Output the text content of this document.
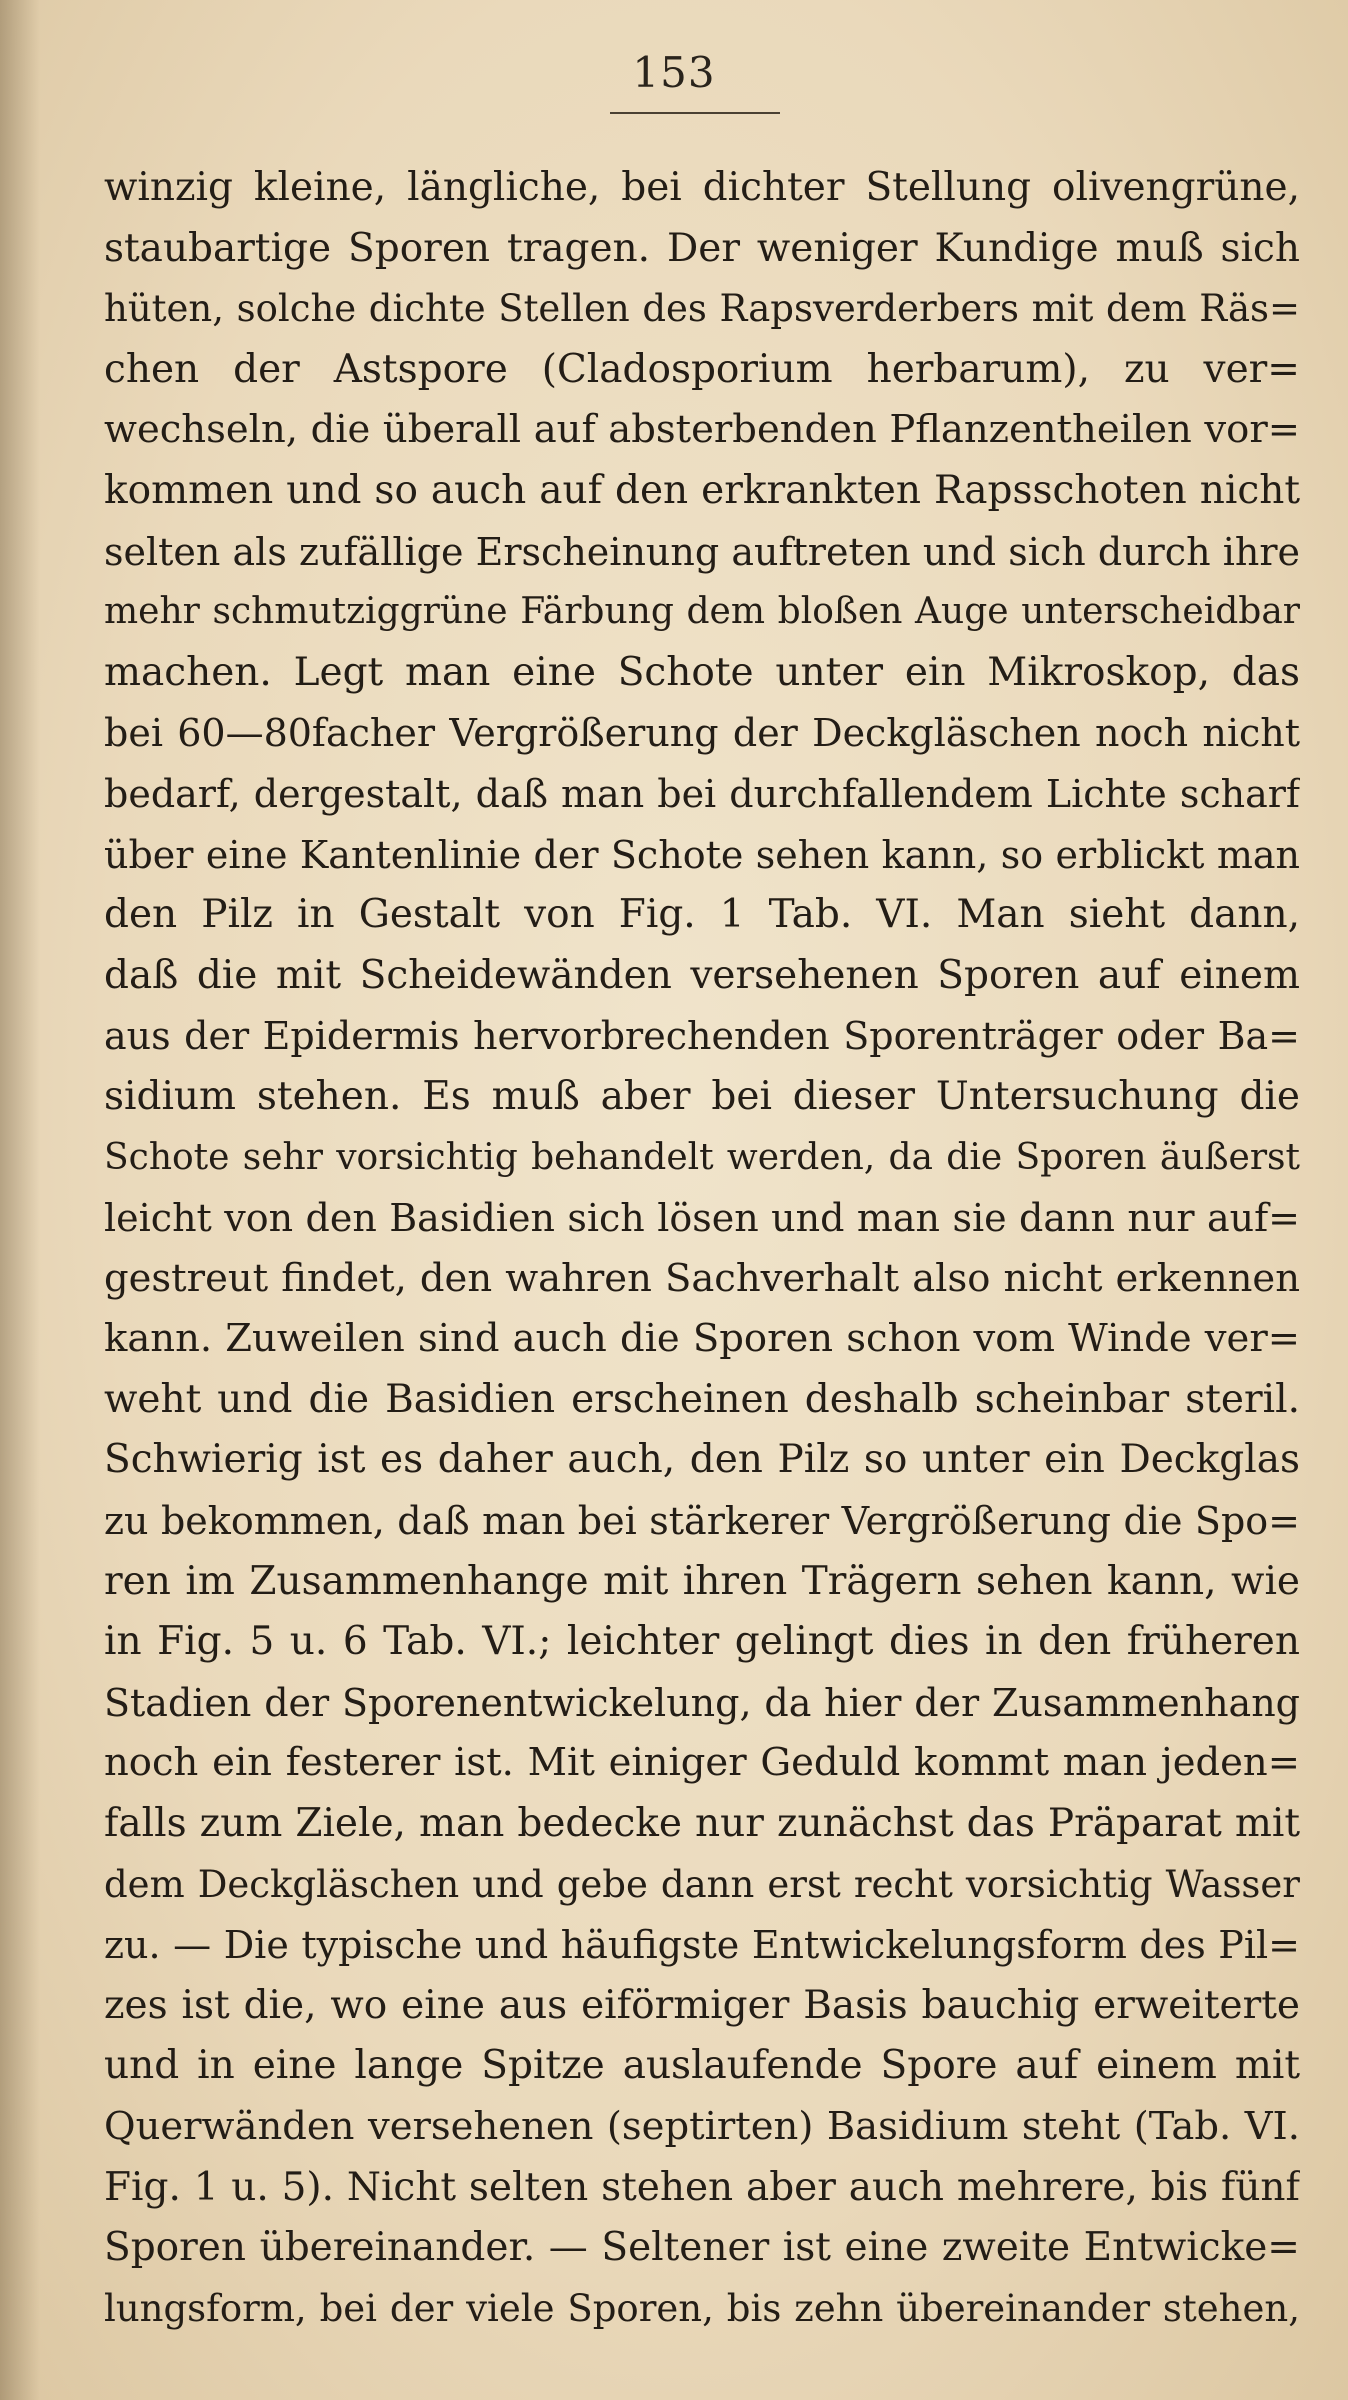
153
winzig kleine, längliche, bei dichter Stellung olivengrüne,
staubartige Sporen tragen. Der weniger Kundige muß sich
hüten, solche dichte Stellen des Rapsverderbers mit dem Räs=
chen der Astspore (Cladosporium herbarum), zu ver=
wechseln, die überall auf absterbenden Pflanzentheilen vor=
kommen und so auch auf den erkrankten Rapsschoten nicht
selten als zufällige Erscheinung auftreten und sich durch ihre
mehr schmutziggrüne Färbung dem bloßen Auge unterscheidbar
machen. Legt man eine Schote unter ein Mikroskop, das
bei 60—80facher Vergrößerung der Deckgläschen noch nicht
bedarf, dergestalt, daß man bei durchfallendem Lichte scharf
über eine Kantenlinie der Schote sehen kann, so erblickt man
den Pilz in Gestalt von Fig. 1 Tab. VI. Man sieht dann,
daß die mit Scheidewänden versehenen Sporen auf einem
aus der Epidermis hervorbrechenden Sporenträger oder Ba=
sidium stehen. Es muß aber bei dieser Untersuchung die
Schote sehr vorsichtig behandelt werden, da die Sporen äußerst
leicht von den Basidien sich lösen und man sie dann nur auf=
gestreut findet, den wahren Sachverhalt also nicht erkennen
kann. Zuweilen sind auch die Sporen schon vom Winde ver=
weht und die Basidien erscheinen deshalb scheinbar steril.
Schwierig ist es daher auch, den Pilz so unter ein Deckglas
zu bekommen, daß man bei stärkerer Vergrößerung die Spo=
ren im Zusammenhange mit ihren Trägern sehen kann, wie
in Fig. 5 u. 6 Tab. VI.; leichter gelingt dies in den früheren
Stadien der Sporenentwickelung, da hier der Zusammenhang
noch ein festerer ist. Mit einiger Geduld kommt man jeden=
falls zum Ziele, man bedecke nur zunächst das Präparat mit
dem Deckgläschen und gebe dann erst recht vorsichtig Wasser
zu. — Die typische und häufigste Entwickelungsform des Pil=
zes ist die, wo eine aus eiförmiger Basis bauchig erweiterte
und in eine lange Spitze auslaufende Spore auf einem mit
Querwänden versehenen (septirten) Basidium steht (Tab. VI.
Fig. 1 u. 5). Nicht selten stehen aber auch mehrere, bis fünf
Sporen übereinander. — Seltener ist eine zweite Entwicke=
lungsform, bei der viele Sporen, bis zehn übereinander stehen,
